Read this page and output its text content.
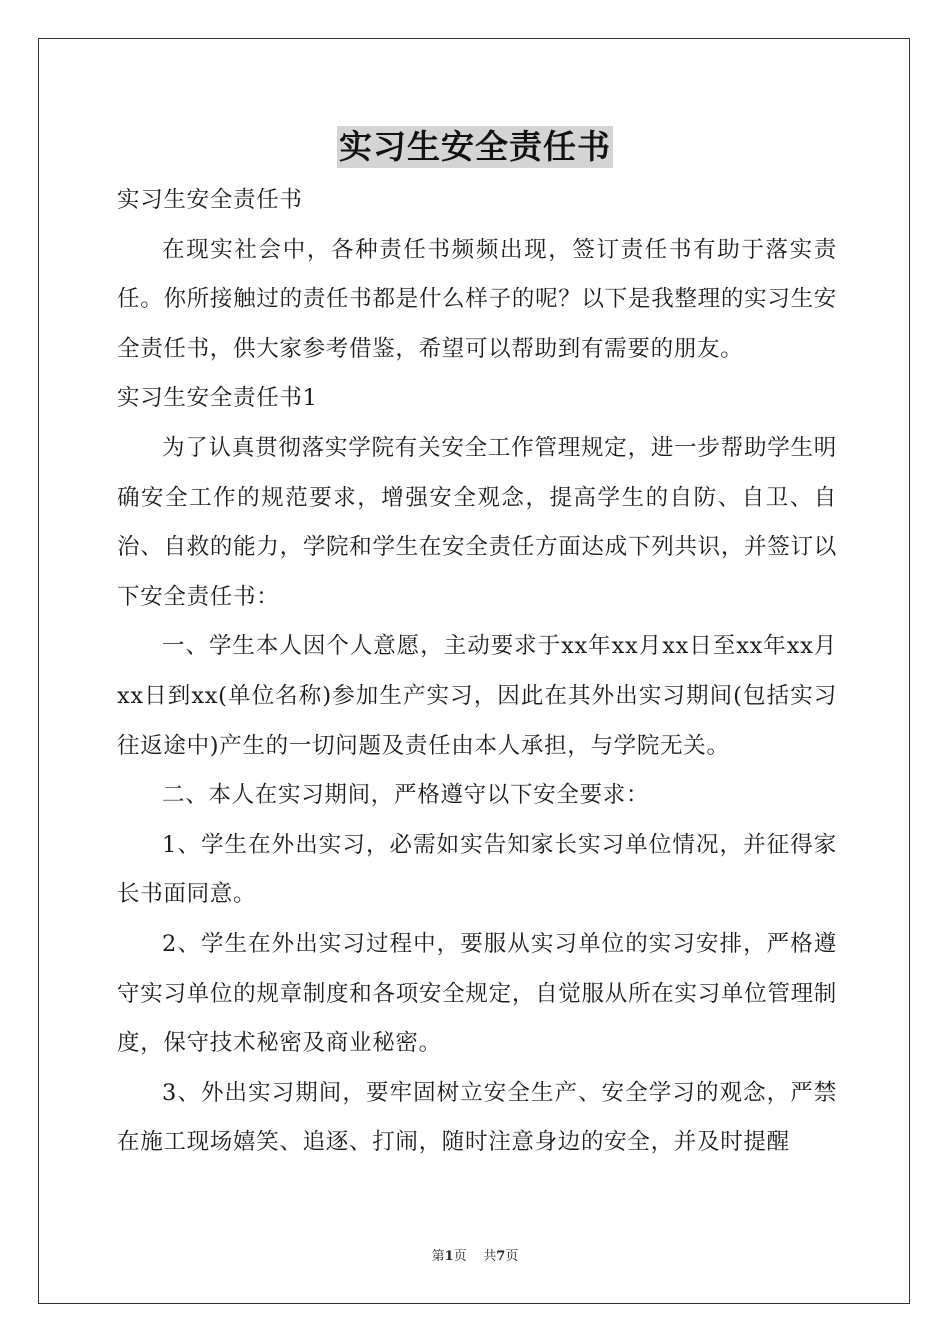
实习生安全责任书

实习生安全责任书

在现实社会中，各种责任书频频出现，签订责任书有助于落实责任。你所接触过的责任书都是什么样子的呢？以下是我整理的实习生安全责任书，供大家参考借鉴，希望可以帮助到有需要的朋友。

实习生安全责任书1

为了认真贯彻落实学院有关安全工作管理规定，进一步帮助学生明确安全工作的规范要求，增强安全观念，提高学生的自防、自卫、自治、自救的能力，学院和学生在安全责任方面达成下列共识，并签订以下安全责任书：

一、学生本人因个人意愿，主动要求于xx年xx月xx日至xx年xx月xx日到xx(单位名称)参加生产实习，因此在其外出实习期间(包括实习往返途中)产生的一切问题及责任由本人承担，与学院无关。

二、本人在实习期间，严格遵守以下安全要求：

1、学生在外出实习，必需如实告知家长实习单位情况，并征得家长书面同意。

2、学生在外出实习过程中，要服从实习单位的实习安排，严格遵守实习单位的规章制度和各项安全规定，自觉服从所在实习单位管理制度，保守技术秘密及商业秘密。

3、外出实习期间，要牢固树立安全生产、安全学习的观念，严禁在施工现场嬉笑、追逐、打闹，随时注意身边的安全，并及时提醒

第1页 共7页
